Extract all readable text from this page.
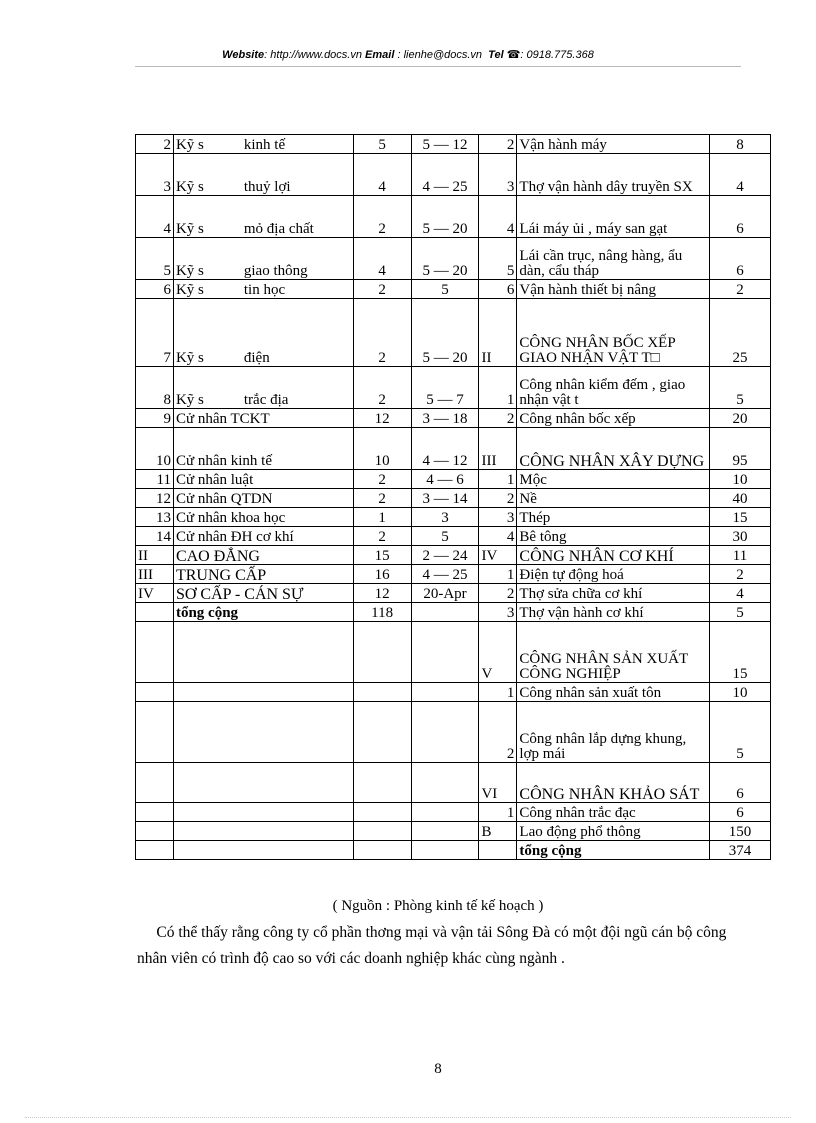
Website: http://www.docs.vn Email : lienhe@docs.vn Tel ☎: 0918.775.368
2	Kỹ s kinh tế	5	5 — 12	2	Vận hành máy	8
3	Kỹ s thuỷ lợi	4	4 — 25	3	Thợ vận hành dây truyền SX	4
4	Kỹ s mỏ địa chất	2	5 — 20	4	Lái máy ủi , máy san gạt	6
5	Kỹ s giao thông	4	5 — 20	5	Lái cần trục, nâng hàng, ẩu dàn, cẩu tháp	6
6	Kỹ s tin học	2	5	6	Vận hành thiết bị nâng	2
7	Kỹ s điện	2	5 — 20	II	CÔNG NHÂN BỐC XẾP GIAO NHẬN VẬT T□	25
8	Kỹ s trắc địa	2	5 — 7	1	Công nhân kiểm đếm , giao nhận vật t	5
9	Cử nhân TCKT	12	3 — 18	2	Công nhân bốc xếp	20
10	Cử nhân kinh tế	10	4 — 12	III	CÔNG NHÂN XÂY DỰNG	95
11	Cử nhân luật	2	4 — 6	1	Mộc	10
12	Cử nhân QTDN	2	3 — 14	2	Nề	40
13	Cử nhân khoa học	1	3	3	Thép	15
14	Cử nhân ĐH cơ khí	2	5	4	Bê tông	30
II	CAO ĐẲNG	15	2 — 24	IV	CÔNG NHÂN CƠ KHÍ	11
III	TRUNG CẤP	16	4 — 25	1	Điện tự động hoá	2
IV	SƠ CẤP - CÁN SỰ	12	20-Apr	2	Thợ sửa chữa cơ khí	4
	tổng cộng	118		3	Thợ vận hành cơ khí	5
				V	CÔNG NHÂN SẢN XUẤT CÔNG NGHIỆP	15
				1	Công nhân sản xuất tôn	10
				2	Công nhân lắp dựng khung, lợp mái	5
				VI	CÔNG NHÂN KHẢO SÁT	6
				1	Công nhân trắc đạc	6
				B	Lao động phổ thông	150
					tổng cộng	374
( Nguồn : Phòng kinh tế kế hoạch )
Có thể thấy rằng công ty cổ phần thơng mại và vận tải Sông Đà có một đội ngũ cán bộ công nhân viên có trình độ cao so với các doanh nghiệp khác cùng ngành .
8
